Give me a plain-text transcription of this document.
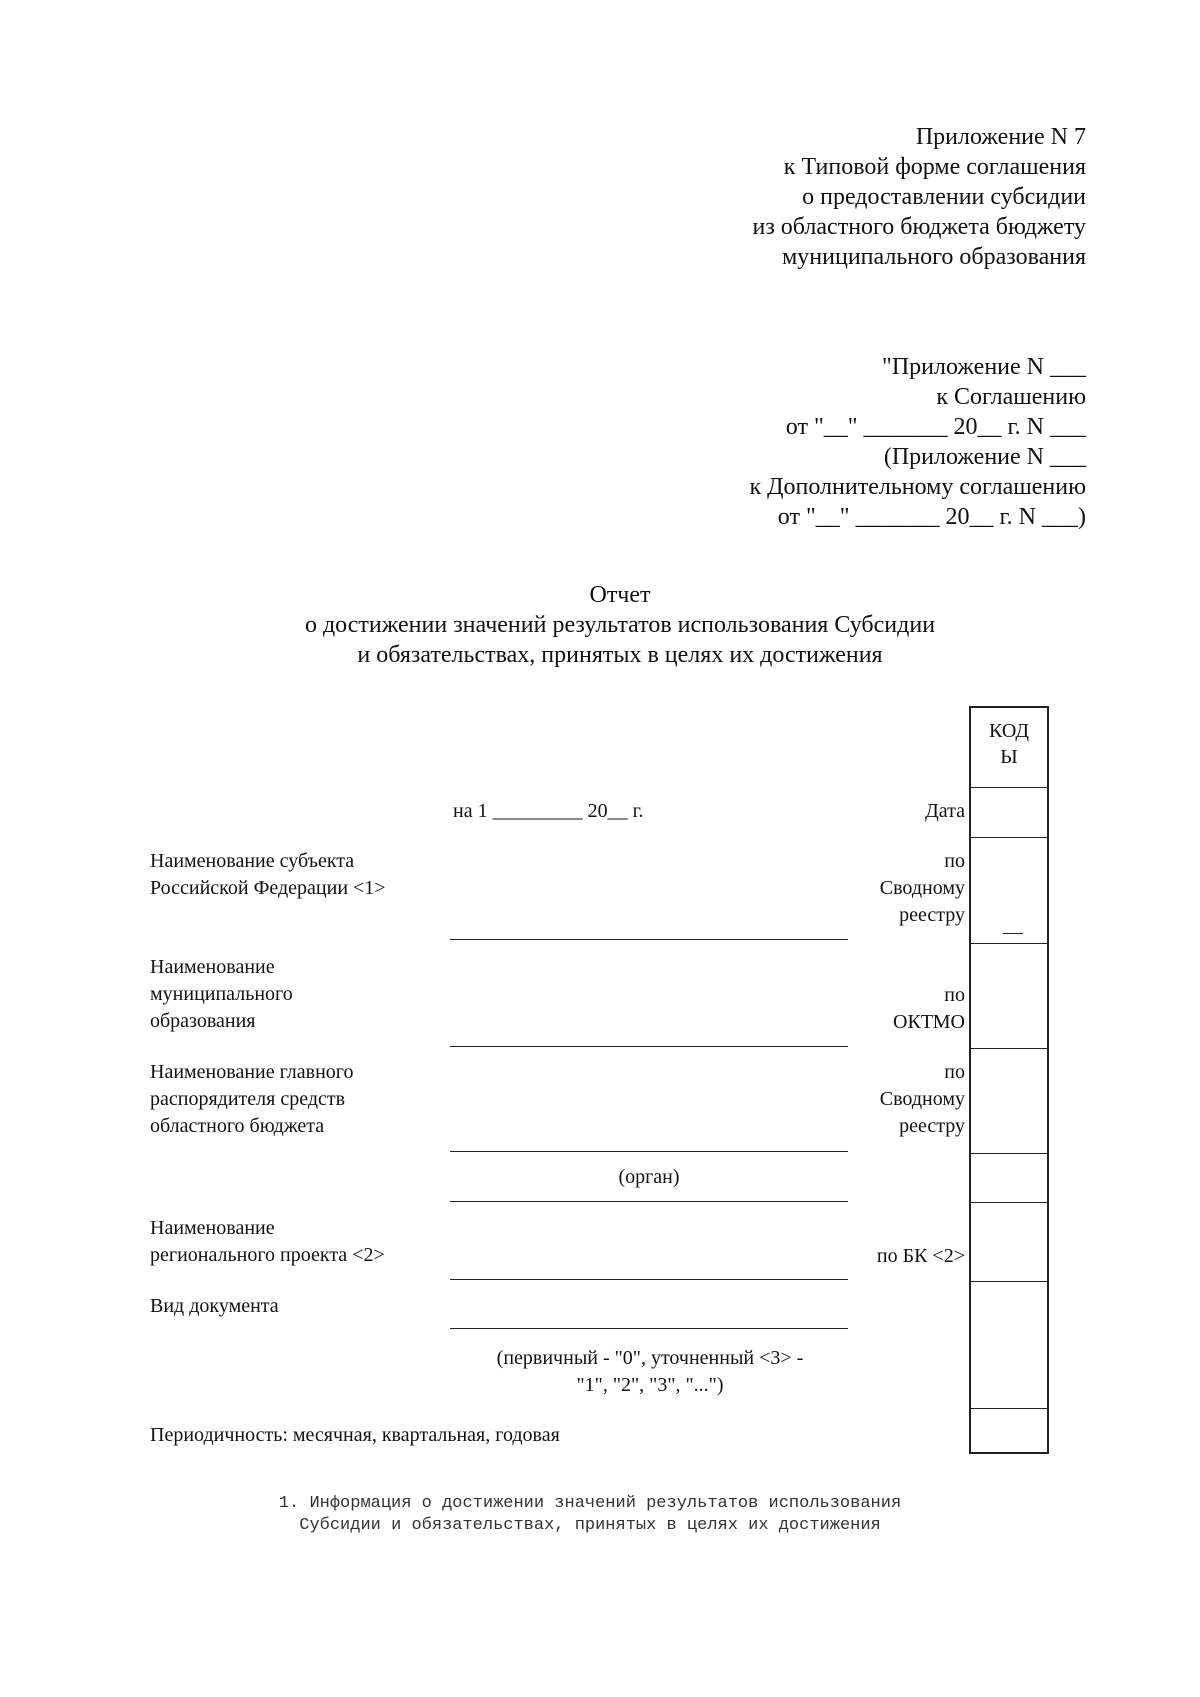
Приложение N 7
к Типовой форме соглашения
о предоставлении субсидии
из областного бюджета бюджету
муниципального образования
"Приложение N ___
к Соглашению
от "__" _______ 20__ г. N ___
(Приложение N ___
к Дополнительному соглашению
от "__" _______ 20__ г. N ___)
Отчет
о достижении значений результатов использования Субсидии
и обязательствах, принятых в целях их достижения
КОД
Ы
на 1 _________ 20__ г.	Дата
Наименование субъекта
Российской Федерации <1>
по
Сводному
реестру
Наименование
муниципального
образования
по
ОКТМО
Наименование главного
распорядителя средств
областного бюджета
по
Сводному
реестру
(орган)
Наименование
регионального проекта <2>	по БК <2>
Вид документа
(первичный - "0", уточненный <3> -
"1", "2", "3", "...")
Периодичность: месячная, квартальная, годовая
1. Информация о достижении значений результатов использования
Субсидии и обязательствах, принятых в целях их достижения
